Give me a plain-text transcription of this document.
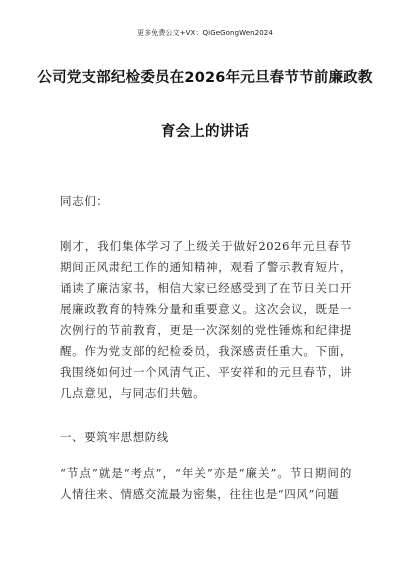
更多免费公文+VX：QiGeGongWen2024
公司党支部纪检委员在2026年元旦春节节前廉政教
育会上的讲话
同志们：
刚才，我们集体学习了上级关于做好2026年元旦春节期间正风肃纪工作的通知精神，观看了警示教育短片，诵读了廉洁家书，相信大家已经感受到了在节日关口开展廉政教育的特殊分量和重要意义。这次会议，既是一次例行的节前教育，更是一次深刻的党性锤炼和纪律提醒。作为党支部的纪检委员，我深感责任重大。下面，我围绕如何过一个风清气正、平安祥和的元旦春节，讲几点意见，与同志们共勉。
一、要筑牢思想防线
“节点”就是“考点”，“年关”亦是“廉关”。节日期间的人情往来、情感交流最为密集，往往也是“四风”问题
